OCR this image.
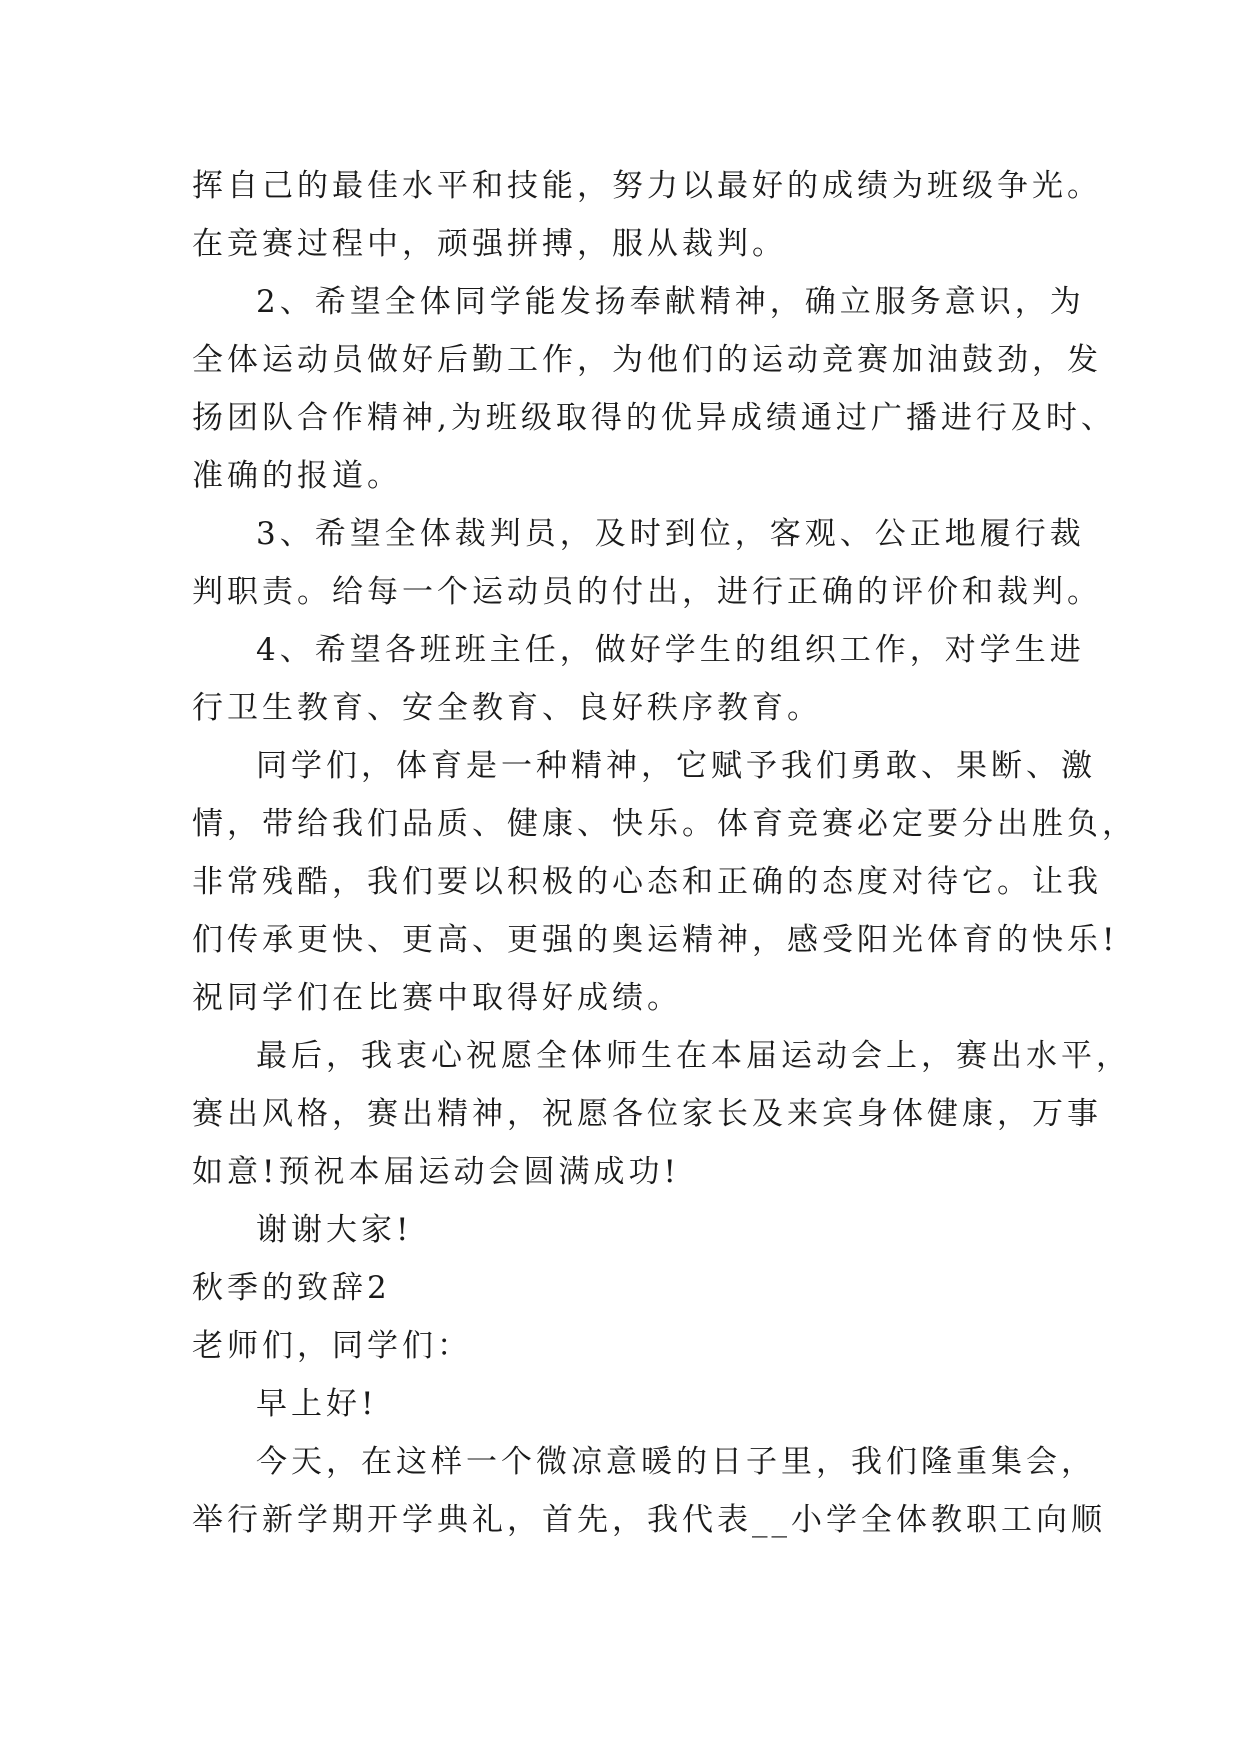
挥自己的最佳水平和技能，努力以最好的成绩为班级争光。
在竞赛过程中，顽强拼搏，服从裁判。
2、希望全体同学能发扬奉献精神，确立服务意识，为
全体运动员做好后勤工作，为他们的运动竞赛加油鼓劲，发
扬团队合作精神,为班级取得的优异成绩通过广播进行及时、
准确的报道。
3、希望全体裁判员，及时到位，客观、公正地履行裁
判职责。给每一个运动员的付出，进行正确的评价和裁判。
4、希望各班班主任，做好学生的组织工作，对学生进
行卫生教育、安全教育、良好秩序教育。
同学们，体育是一种精神，它赋予我们勇敢、果断、激
情，带给我们品质、健康、快乐。体育竞赛必定要分出胜负，
非常残酷，我们要以积极的心态和正确的态度对待它。让我
们传承更快、更高、更强的奥运精神，感受阳光体育的快乐!
祝同学们在比赛中取得好成绩。
最后，我衷心祝愿全体师生在本届运动会上，赛出水平，
赛出风格，赛出精神，祝愿各位家长及来宾身体健康，万事
如意!预祝本届运动会圆满成功!
谢谢大家!
秋季的致辞2
老师们，同学们：
早上好!
今天，在这样一个微凉意暖的日子里，我们隆重集会，
举行新学期开学典礼，首先，我代表__小学全体教职工向顺
